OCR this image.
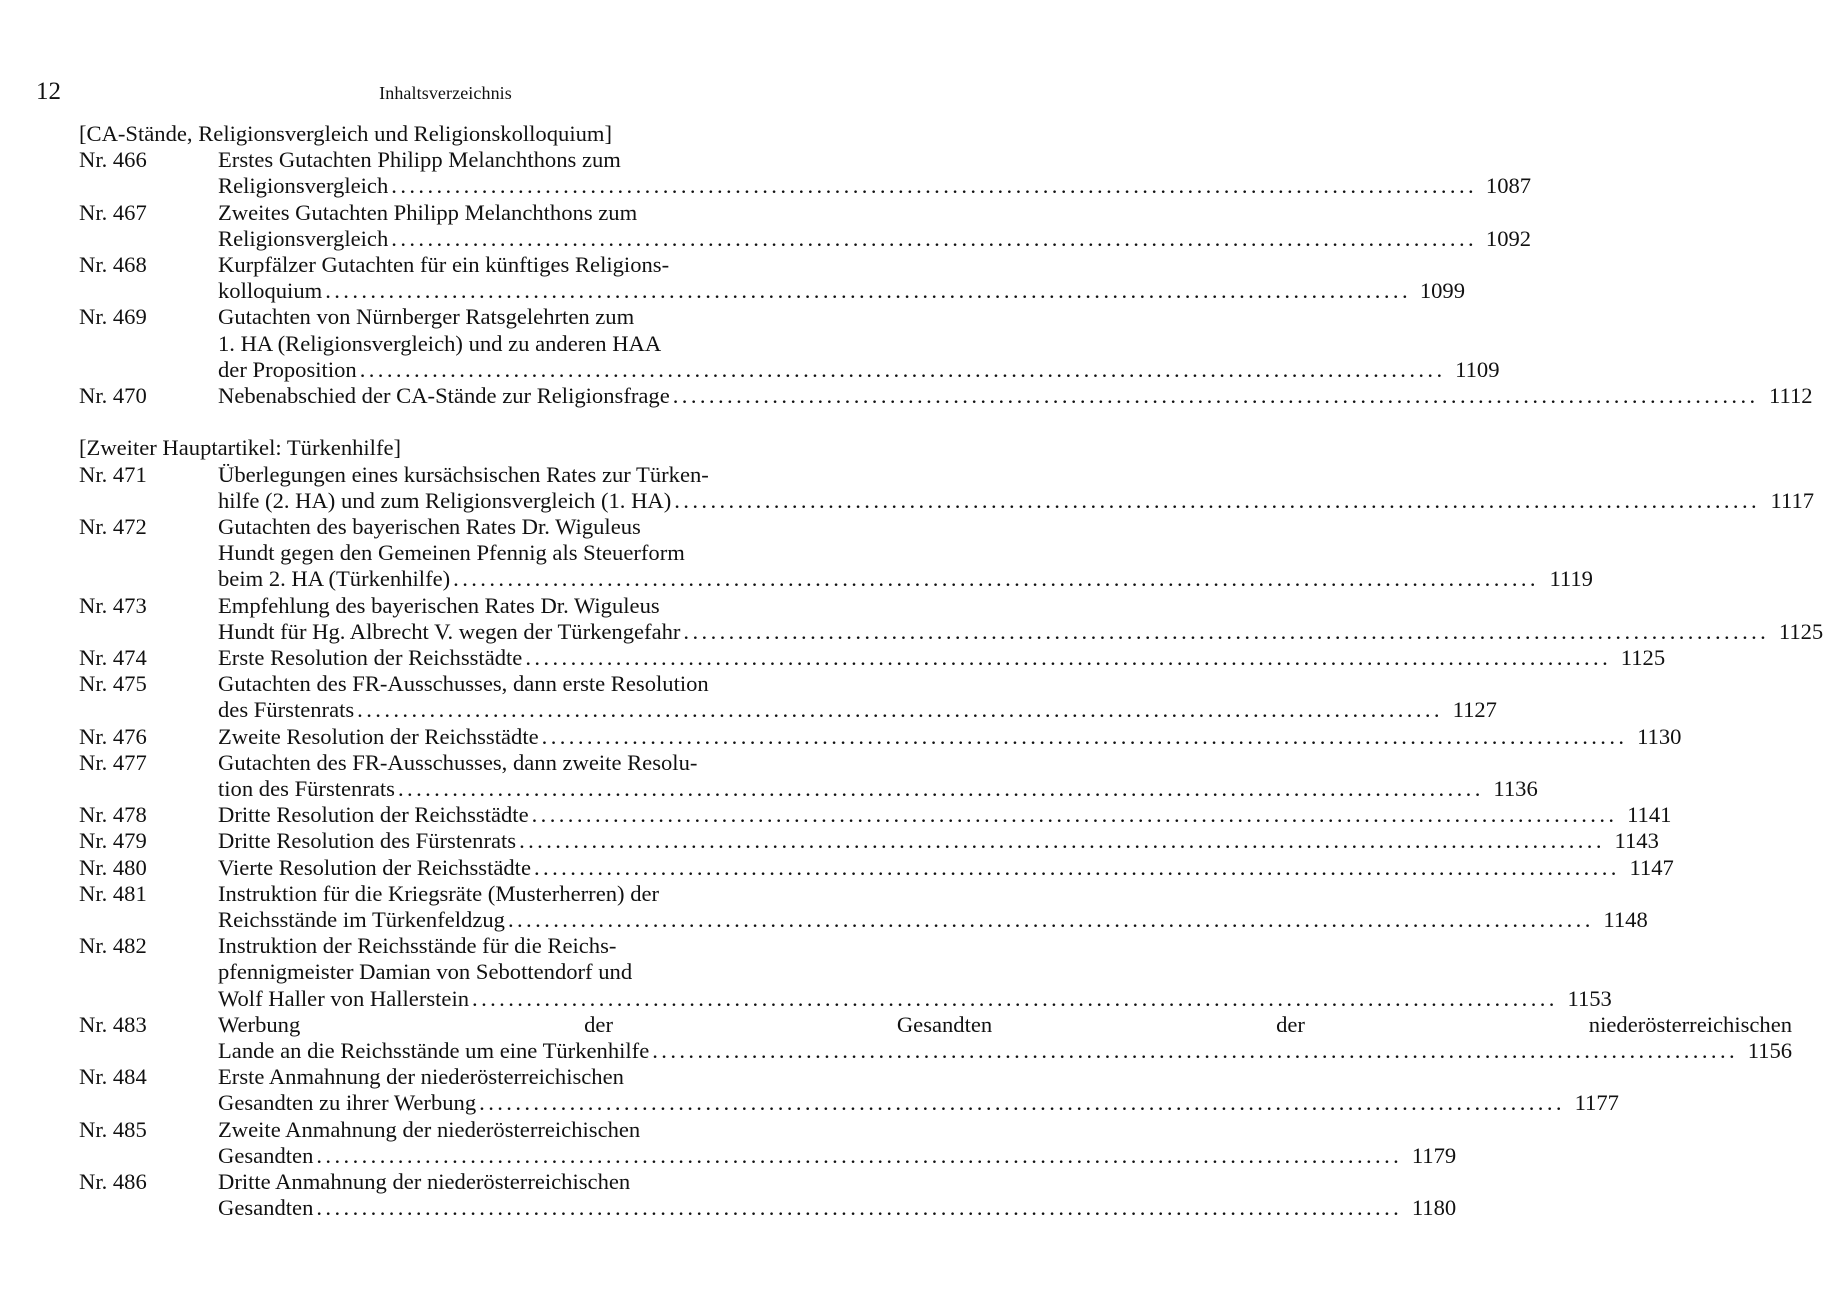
12	Inhaltsverzeichnis
[CA-Stände, Religionsvergleich und Religionskolloquium]
Nr. 466	Erstes Gutachten Philipp Melanchthons zum
Religionsvergleich ........................................................................................................................ 1087
Nr. 467	Zweites Gutachten Philipp Melanchthons zum
Religionsvergleich ........................................................................................................................ 1092
Nr. 468	Kurpfälzer Gutachten für ein künftiges Religions-
kolloquium ........................................................................................................................ 1099
Nr. 469	Gutachten von Nürnberger Ratsgelehrten zum
1. HA (Religionsvergleich) und zu anderen HAA
der Proposition ........................................................................................................................ 1109
Nr. 470	Nebenabschied der CA-Stände zur Religionsfrage ........................................................................................................................ 1112
[Zweiter Hauptartikel: Türkenhilfe]
Nr. 471	Überlegungen eines kursächsischen Rates zur Türken-
hilfe (2. HA) und zum Religionsvergleich (1. HA) ........................................................................................................................ 1117
Nr. 472	Gutachten des bayerischen Rates Dr. Wiguleus
Hundt gegen den Gemeinen Pfennig als Steuerform
beim 2. HA (Türkenhilfe) ........................................................................................................................ 1119
Nr. 473	Empfehlung des bayerischen Rates Dr. Wiguleus
Hundt für Hg. Albrecht V. wegen der Türkengefahr ........................................................................................................................ 1125
Nr. 474	Erste Resolution der Reichsstädte ........................................................................................................................ 1125
Nr. 475	Gutachten des FR-Ausschusses, dann erste Resolution
des Fürstenrats ........................................................................................................................ 1127
Nr. 476	Zweite Resolution der Reichsstädte ........................................................................................................................ 1130
Nr. 477	Gutachten des FR-Ausschusses, dann zweite Resolu-
tion des Fürstenrats ........................................................................................................................ 1136
Nr. 478	Dritte Resolution der Reichsstädte ........................................................................................................................ 1141
Nr. 479	Dritte Resolution des Fürstenrats ........................................................................................................................ 1143
Nr. 480	Vierte Resolution der Reichsstädte ........................................................................................................................ 1147
Nr. 481	Instruktion für die Kriegsräte (Musterherren) der
Reichsstände im Türkenfeldzug ........................................................................................................................ 1148
Nr. 482	Instruktion der Reichsstände für die Reichs-
pfennigmeister Damian von Sebottendorf und
Wolf Haller von Hallerstein ........................................................................................................................ 1153
Nr. 483	Werbung der Gesandten der niederösterreichischen
Lande an die Reichsstände um eine Türkenhilfe ........................................................................................................................ 1156
Nr. 484	Erste Anmahnung der niederösterreichischen
Gesandten zu ihrer Werbung ........................................................................................................................ 1177
Nr. 485	Zweite Anmahnung der niederösterreichischen
Gesandten ........................................................................................................................ 1179
Nr. 486	Dritte Anmahnung der niederösterreichischen
Gesandten ........................................................................................................................ 1180
